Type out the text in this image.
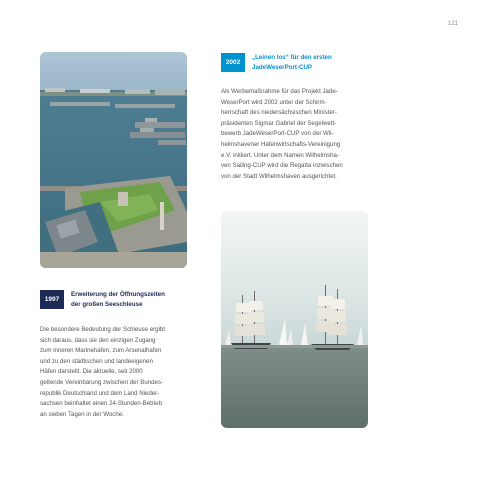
121
2002
„Leinen los“ für den ersten
JadeWeserPort-CUP
Als Werbemaßnahme für das Projekt Jade-
WeserPort wird 2002 unter der Schirm-
herrschaft des niedersächsischen Minister-
präsidenten Sigmar Gabriel der Segelwett-
bewerb JadeWeserPort-CUP von der Wil-
helmshavener Hafenwirtschafts-Vereinigung
e.V. initiiert. Unter dem Namen Wilhelmsha-
ven Sailing-CUP wird die Regatta inzwischen
von der Stadt Wilhelmshaven ausgerichtet.
1997
Erweiterung der Öffnungszeiten
der großen Seeschleuse
Die besondere Bedeutung der Schleuse ergibt
sich daraus, dass sie den einzigen Zugang
zum inneren Marinehafen, zum Arsenalhafen
und zu den städtischen und landeeigenen
Häfen darstellt. Die aktuelle, seit 2000
geltende Vereinbarung zwischen der Bundes-
republik Deutschland und dem Land Nieder-
sachsen beinhaltet einen 24-Stunden-Betrieb
an sieben Tagen in der Woche.
